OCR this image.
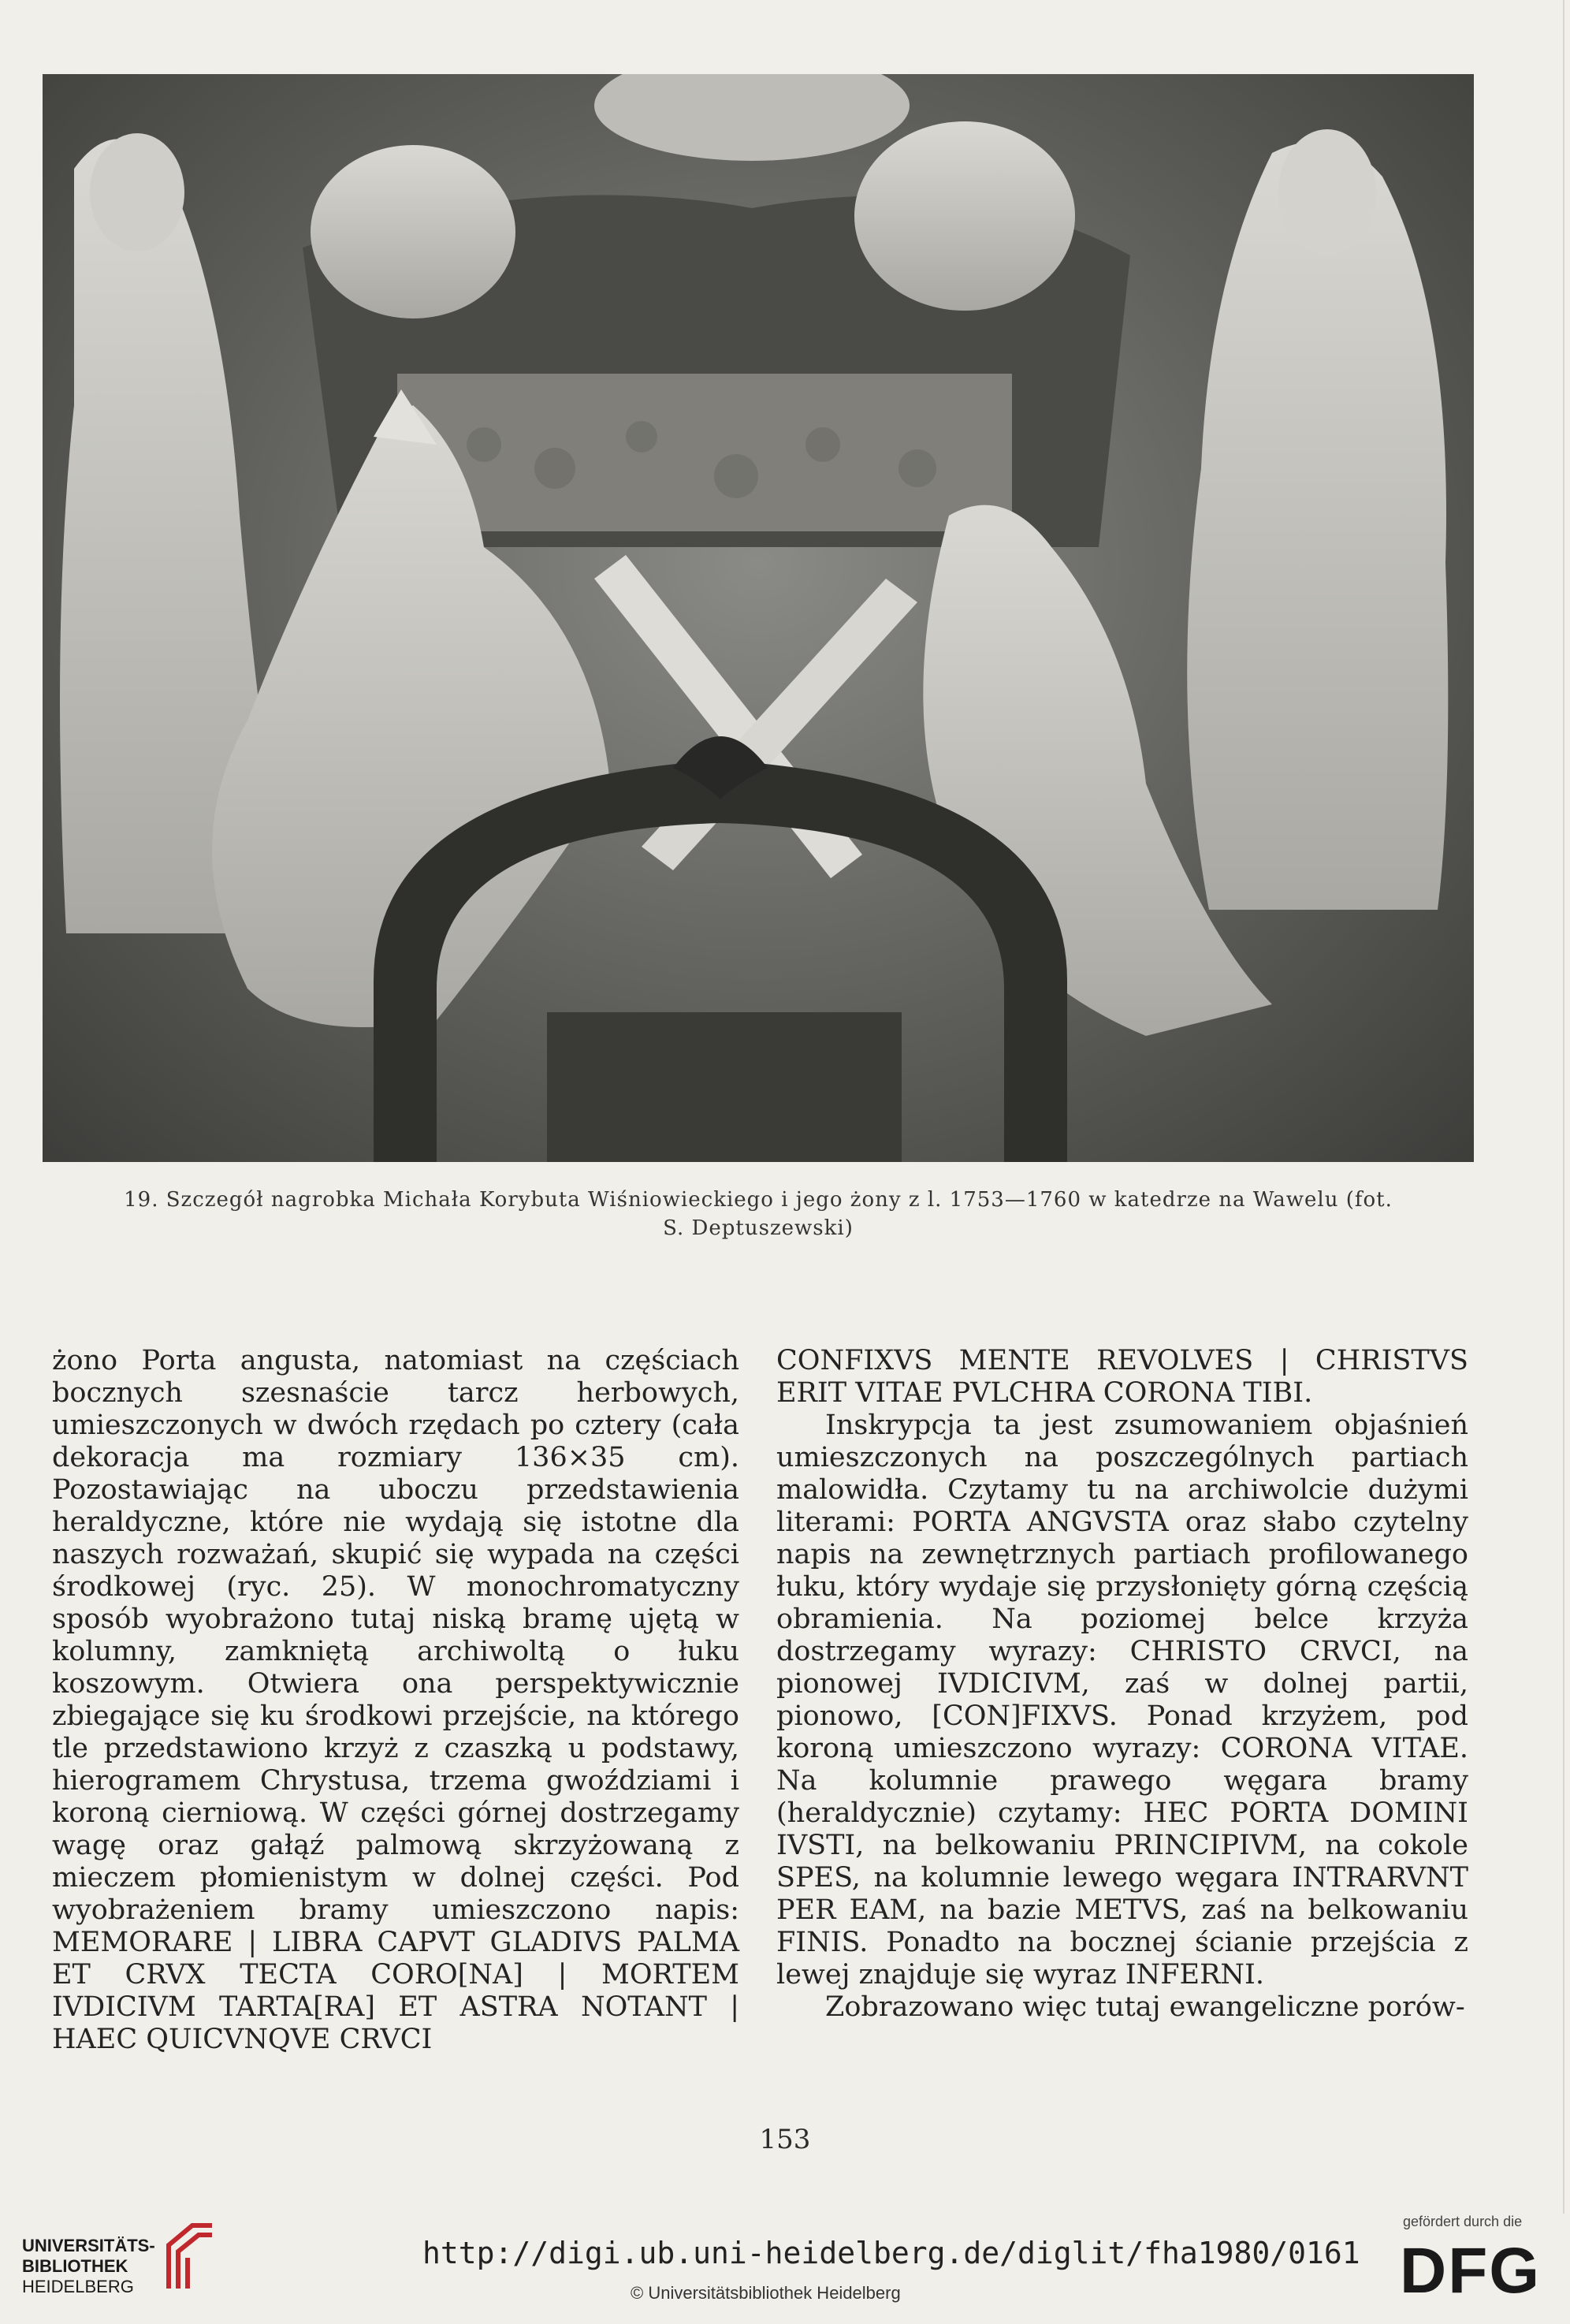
19. Szczegół nagrobka Michała Korybuta Wiśniowieckiego i jego żony z l. 1753—1760 w katedrze na Wawelu (fot.
S. Deptuszewski)

żono Porta angusta, natomiast na częściach bocznych szesnaście tarcz herbowych, umieszczonych w dwóch rzędach po cztery (cała dekoracja ma rozmiary 136×35 cm). Pozostawiając na uboczu przedstawienia heraldyczne, które nie wydają się istotne dla naszych rozważań, skupić się wypada na części środkowej (ryc. 25). W monochromatyczny sposób wyobrażono tutaj niską bramę ujętą w kolumny, zamkniętą archiwoltą o łuku koszowym. Otwiera ona perspektywicznie zbiegające się ku środkowi przejście, na którego tle przedstawiono krzyż z czaszką u podstawy, hierogramem Chrystusa, trzema gwoździami i koroną cierniową. W części górnej dostrzegamy wagę oraz gałąź palmową skrzyżowaną z mieczem płomienistym w dolnej części. Pod wyobrażeniem bramy umieszczono napis: MEMORARE | LIBRA CAPVT GLADIVS PALMA ET CRVX TECTA CORO[NA] | MORTEM IVDICIVM TARTA[RA] ET ASTRA NOTANT | HAEC QUICVNQVE CRVCI

CONFIXVS MENTE REVOLVES | CHRISTVS ERIT VITAE PVLCHRA CORONA TIBI.

Inskrypcja ta jest zsumowaniem objaśnień umieszczonych na poszczególnych partiach malowidła. Czytamy tu na archiwolcie dużymi literami: PORTA ANGVSTA oraz słabo czytelny napis na zewnętrznych partiach profilowanego łuku, który wydaje się przysłonięty górną częścią obramienia. Na poziomej belce krzyża dostrzegamy wyrazy: CHRISTO CRVCI, na pionowej IVDICIVM, zaś w dolnej partii, pionowo, [CON]FIXVS. Ponad krzyżem, pod koroną umieszczono wyrazy: CORONA VITAE. Na kolumnie prawego węgara bramy (heraldycznie) czytamy: HEC PORTA DOMINI IVSTI, na belkowaniu PRINCIPIVM, na cokole SPES, na kolumnie lewego węgara INTRARVNT PER EAM, na bazie METVS, zaś na belkowaniu FINIS. Ponadto na bocznej ścianie przejścia z lewej znajduje się wyraz INFERNI.

Zobrazowano więc tutaj ewangeliczne porów-

153
UNIVERSITÄTS-
BIBLIOTHEK
HEIDELBERG
http://digi.ub.uni-heidelberg.de/diglit/fha1980/0161
© Universitätsbibliothek Heidelberg
gefördert durch die
DFG
